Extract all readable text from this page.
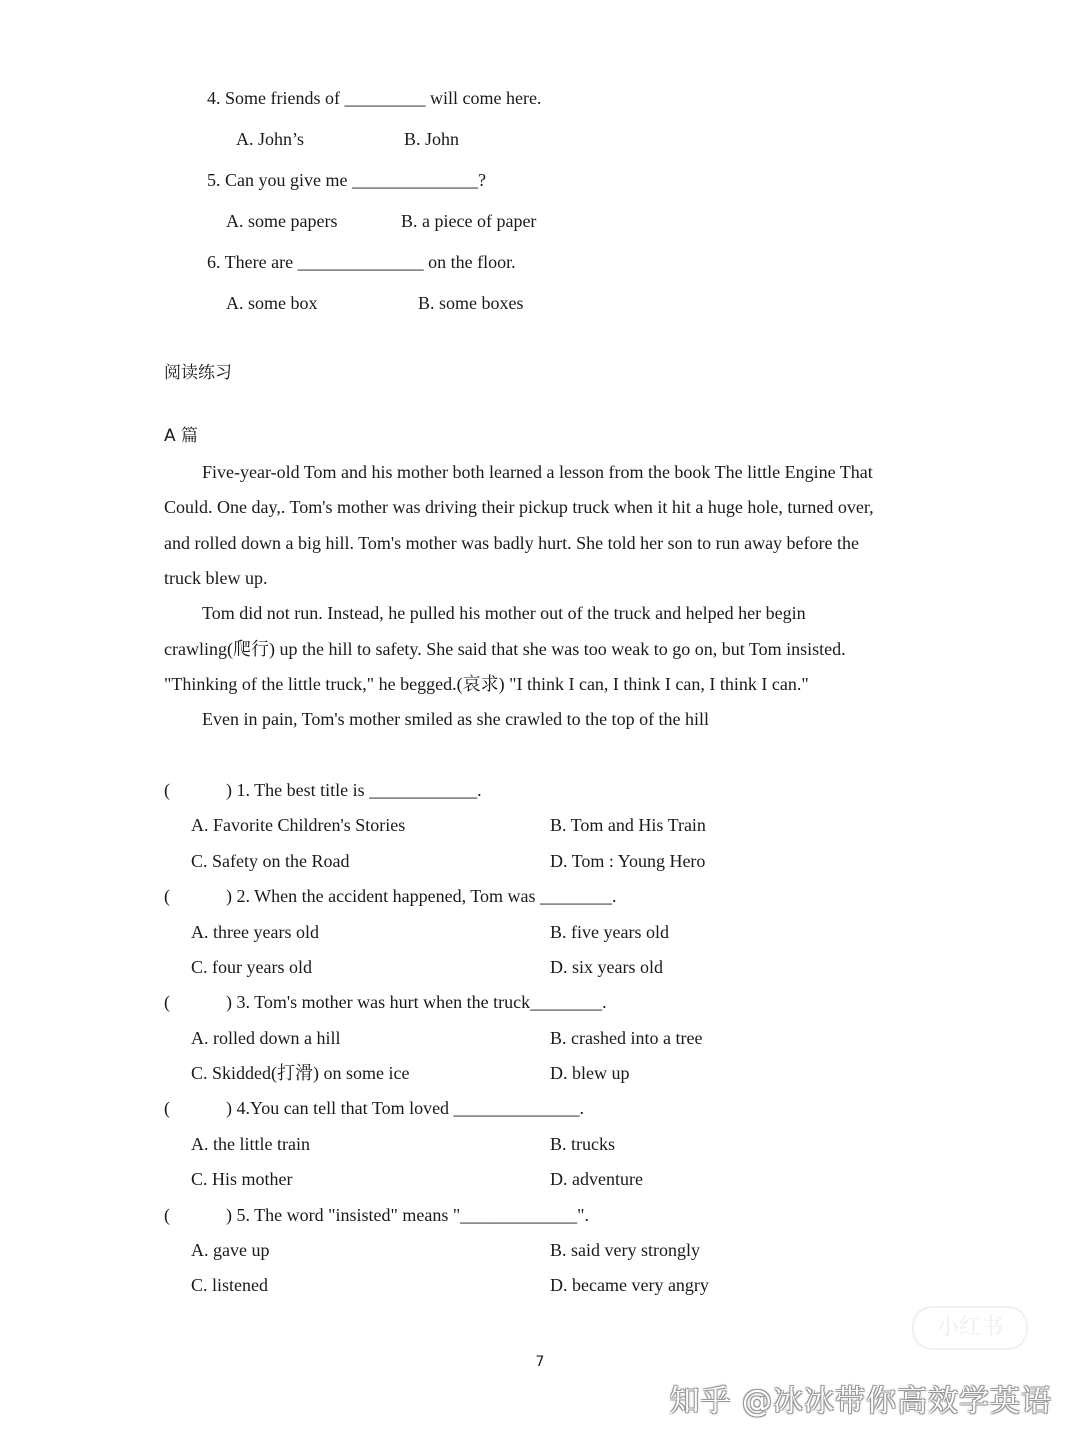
4. Some friends of _________ will come here.
A. John’s	B. John
5. Can you give me ______________?
A. some papers	B. a piece of paper
6. There are ______________ on the floor.
A. some box	B. some boxes
阅读练习
A 篇
Five-year-old Tom and his mother both learned a lesson from the book The little Engine That
Could. One day,. Tom's mother was driving their pickup truck when it hit a huge hole, turned over,
and rolled down a big hill. Tom's mother was badly hurt. She told her son to run away before the
truck blew up.
Tom did not run. Instead, he pulled his mother out of the truck and helped her begin
crawling(爬行) up the hill to safety. She said that she was too weak to go on, but Tom insisted.
"Thinking of the little truck," he begged.(哀求) "I think I can, I think I can, I think I can."
Even in pain, Tom's mother smiled as she crawled to the top of the hill
(	) 1. The best title is ____________.
A. Favorite Children's Stories	B. Tom and His Train
C. Safety on the Road	D. Tom : Young Hero
(	) 2. When the accident happened, Tom was ________.
A. three years old	B. five years old
C. four years old	D. six years old
(	) 3. Tom's mother was hurt when the truck________.
A. rolled down a hill	B. crashed into a tree
C. Skidded(打滑) on some ice	D. blew up
(	) 4.You can tell that Tom loved ______________.
A. the little train	B. trucks
C. His mother	D. adventure
(	) 5. The word "insisted" means "_____________".
A. gave up	B. said very strongly
C. listened	D. became very angry
小红书
7
知乎 @冰冰带你高效学英语
